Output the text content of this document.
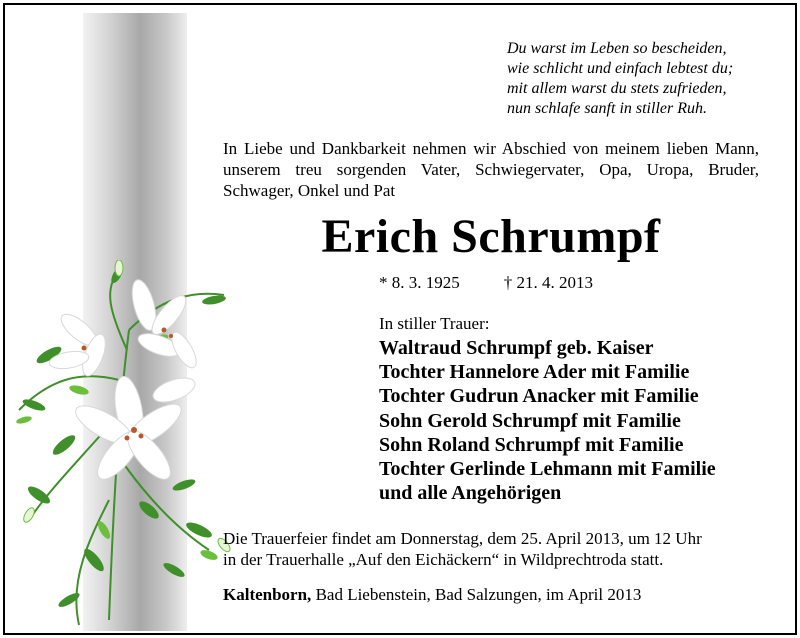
Du warst im Leben so bescheiden,
wie schlicht und einfach lebtest du;
mit allem warst du stets zufrieden,
nun schlafe sanft in stiller Ruh.
In Liebe und Dankbarkeit nehmen wir Abschied von meinem lieben Mann, unserem treu sorgenden Vater, Schwiegervater, Opa, Uropa, Bruder, Schwager, Onkel und Pat
Erich Schrumpf
* 8. 3. 1925	† 21. 4. 2013
In stiller Trauer:
Waltraud Schrumpf geb. Kaiser
Tochter Hannelore Ader mit Familie
Tochter Gudrun Anacker mit Familie
Sohn Gerold Schrumpf mit Familie
Sohn Roland Schrumpf mit Familie
Tochter Gerlinde Lehmann mit Familie
und alle Angehörigen
Die Trauerfeier findet am Donnerstag, dem 25. April 2013, um 12 Uhr
in der Trauerhalle „Auf den Eichäckern“ in Wildprechtroda statt.
Kaltenborn, Bad Liebenstein, Bad Salzungen, im April 2013
